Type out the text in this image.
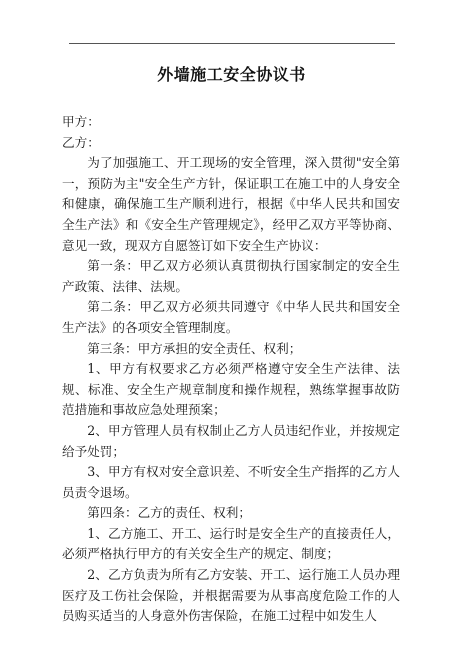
外墙施工安全协议书

甲方：

乙方：

为了加强施工、开工现场的安全管理，深入贯彻"安全第一，预防为主"安全生产方针，保证职工在施工中的人身安全和健康，确保施工生产顺利进行，根据《中华人民共和国安全生产法》和《安全生产管理规定》，经甲乙双方平等协商、意见一致，现双方自愿签订如下安全生产协议：

第一条：甲乙双方必须认真贯彻执行国家制定的安全生产政策、法律、法规。

第二条：甲乙双方必须共同遵守《中华人民共和国安全生产法》的各项安全管理制度。

第三条：甲方承担的安全责任、权利；

1、甲方有权要求乙方必须严格遵守安全生产法律、法规、标准、安全生产规章制度和操作规程，熟练掌握事故防范措施和事故应急处理预案；

2、甲方管理人员有权制止乙方人员违纪作业，并按规定给予处罚；

3、甲方有权对安全意识差、不听安全生产指挥的乙方人员责令退场。

第四条：乙方的责任、权利；

1、乙方施工、开工、运行时是安全生产的直接责任人，必须严格执行甲方的有关安全生产的规定、制度；

2、乙方负责为所有乙方安装、开工、运行施工人员办理医疗及工伤社会保险，并根据需要为从事高度危险工作的人员购买适当的人身意外伤害保险，在施工过程中如发生人
